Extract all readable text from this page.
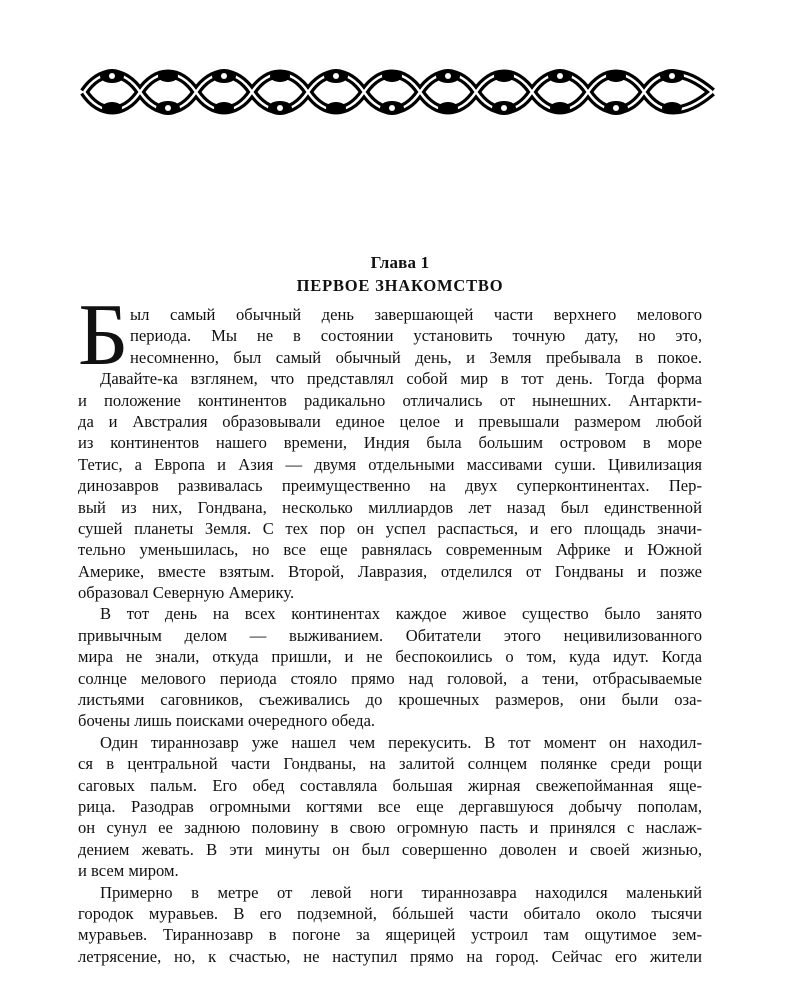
Глава 1
ПЕРВОЕ ЗНАКОМСТВО
Б ыл самый обычный день завершающей части верхнего мелового
периода. Мы не в состоянии установить точную дату, но это,
несомненно, был самый обычный день, и Земля пребывала в покое.
Давайте-ка взглянем, что представлял собой мир в тот день. Тогда форма
и положение континентов радикально отличались от нынешних. Антаркти-
да и Австралия образовывали единое целое и превышали размером любой
из континентов нашего времени, Индия была большим островом в море
Тетис, а Европа и Азия — двумя отдельными массивами суши. Цивилизация
динозавров развивалась преимущественно на двух суперконтинентах. Пер-
вый из них, Гондвана, несколько миллиардов лет назад был единственной
сушей планеты Земля. С тех пор он успел распасться, и его площадь значи-
тельно уменьшилась, но все еще равнялась современным Африке и Южной
Америке, вместе взятым. Второй, Лавразия, отделился от Гондваны и позже
образовал Северную Америку.
В тот день на всех континентах каждое живое существо было занято
привычным делом — выживанием. Обитатели этого нецивилизованного
мира не знали, откуда пришли, и не беспокоились о том, куда идут. Когда
солнце мелового периода стояло прямо над головой, а тени, отбрасываемые
листьями саговников, съеживались до крошечных размеров, они были оза-
бочены лишь поисками очередного обеда.
Один тираннозавр уже нашел чем перекусить. В тот момент он находил-
ся в центральной части Гондваны, на залитой солнцем полянке среди рощи
саговых пальм. Его обед составляла большая жирная свежепойманная яще-
рица. Разодрав огромными когтями все еще дергавшуюся добычу пополам,
он сунул ее заднюю половину в свою огромную пасть и принялся с наслаж-
дением жевать. В эти минуты он был совершенно доволен и своей жизнью,
и всем миром.
Примерно в метре от левой ноги тираннозавра находился маленький
городок муравьев. В его подземной, бóльшей части обитало около тысячи
муравьев. Тираннозавр в погоне за ящерицей устроил там ощутимое зем-
летрясение, но, к счастью, не наступил прямо на город. Сейчас его жители
